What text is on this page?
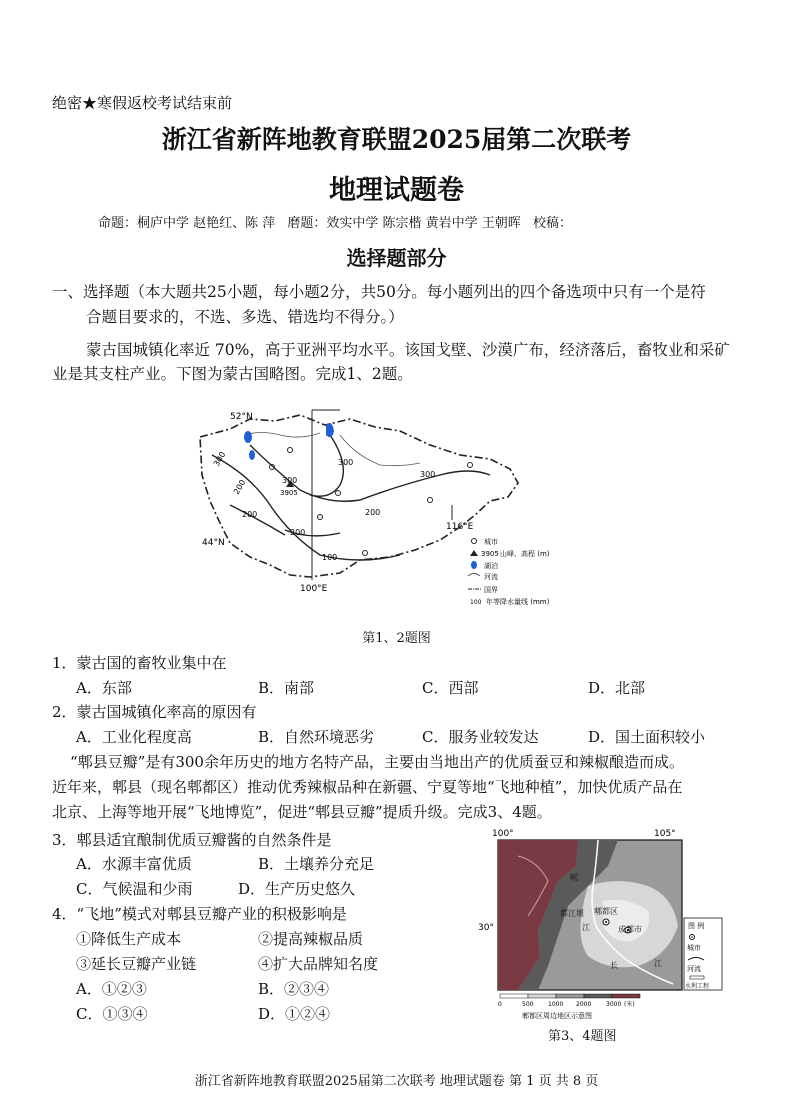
绝密★寒假返校考试结束前
浙江省新阵地教育联盟2025届第二次联考
地理试题卷
命题：桐庐中学 赵艳红、陈 萍 磨题：效实中学 陈宗楷 黄岩中学 王朝晖 校稿：
选择题部分
一、选择题（本大题共25小题，每小题2分，共50分。每小题列出的四个备选项中只有一个是符
合题目要求的，不选、多选、错选均不得分。）
蒙古国城镇化率近 70%，高于亚洲平均水平。该国戈壁、沙漠广布，经济落后，畜牧业和采矿
业是其支柱产业。下图为蒙古国略图。完成1、2题。
52°N
44°N
100°E
116°E
300
200
200
300
300
200
200
100
300
3905
城市
3905 山峰、高程 (m)
湖泊
河流
国界
100 年等降水量线 (mm)
第1、2题图
1．蒙古国的畜牧业集中在
A．东部	B．南部	C．西部	D．北部
2．蒙古国城镇化率高的原因有
A．工业化程度高	B．自然环境恶劣	C．服务业较发达	D．国土面积较小
“郫县豆瓣”是有300余年历史的地方名特产品，主要由当地出产的优质蚕豆和辣椒酿造而成。
近年来，郫县（现名郫都区）推动优秀辣椒品种在新疆、宁夏等地“飞地种植”，加快优质产品在
北京、上海等地开展“飞地博览”，促进“郫县豆瓣”提质升级。完成3、4题。
3．郫县适宜酿制优质豆瓣酱的自然条件是
A．水源丰富优质	B．土壤养分充足
C．气候温和少雨	D．生产历史悠久
4．“飞地”模式对郫县豆瓣产业的积极影响是
①降低生产成本	②提高辣椒品质
③延长豆瓣产业链	④扩大品牌知名度
A．①②③	B．②③④
C．①③④	D．①②④
100°	105°
30°
都江堰 郫都区
成都市
岷
江
长	江
图 例
城市
河流
水利工程
0	500 1000 2000 3000 (米)
郫都区周边地区示意图
第3、4题图
浙江省新阵地教育联盟2025届第二次联考 地理试题卷 第 1 页 共 8 页
